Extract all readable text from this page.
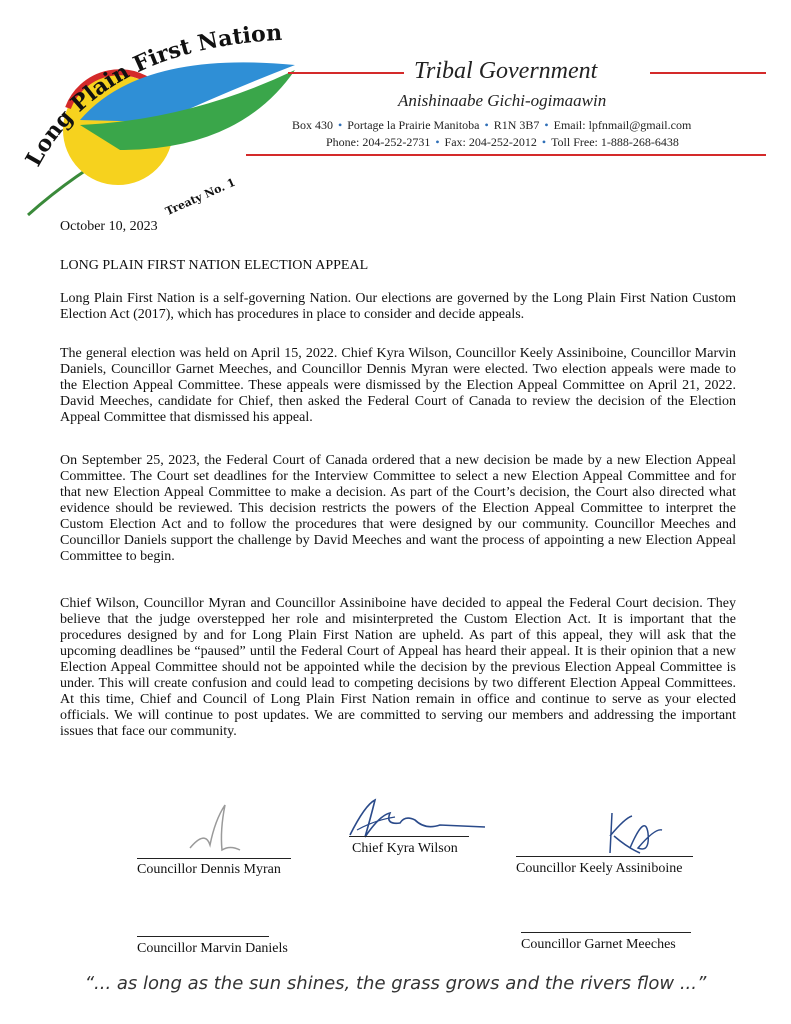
Long Plain First Nation
Treaty No. 1
Tribal Government
Anishinaabe Gichi-ogimaawin
Box 430 • Portage la Prairie Manitoba • R1N 3B7 • Email: lpfnmail@gmail.com
Phone: 204-252-2731 • Fax: 204-252-2012 • Toll Free: 1-888-268-6438
October 10, 2023
LONG PLAIN FIRST NATION ELECTION APPEAL
Long Plain First Nation is a self-governing Nation. Our elections are governed by the Long Plain First Nation Custom Election Act (2017), which has procedures in place to consider and decide appeals.
The general election was held on April 15, 2022. Chief Kyra Wilson, Councillor Keely Assiniboine, Councillor Marvin Daniels, Councillor Garnet Meeches, and Councillor Dennis Myran were elected. Two election appeals were made to the Election Appeal Committee. These appeals were dismissed by the Election Appeal Committee on April 21, 2022. David Meeches, candidate for Chief, then asked the Federal Court of Canada to review the decision of the Election Appeal Committee that dismissed his appeal.
On September 25, 2023, the Federal Court of Canada ordered that a new decision be made by a new Election Appeal Committee. The Court set deadlines for the Interview Committee to select a new Election Appeal Committee and for that new Election Appeal Committee to make a decision. As part of the Court’s decision, the Court also directed what evidence should be reviewed. This decision restricts the powers of the Election Appeal Committee to interpret the Custom Election Act and to follow the procedures that were designed by our community. Councillor Meeches and Councillor Daniels support the challenge by David Meeches and want the process of appointing a new Election Appeal Committee to begin.
Chief Wilson, Councillor Myran and Councillor Assiniboine have decided to appeal the Federal Court decision. They believe that the judge overstepped her role and misinterpreted the Custom Election Act. It is important that the procedures designed by and for Long Plain First Nation are upheld. As part of this appeal, they will ask that the upcoming deadlines be “paused” until the Federal Court of Appeal has heard their appeal. It is their opinion that a new Election Appeal Committee should not be appointed while the decision by the previous Election Appeal Committee is under. This will create confusion and could lead to competing decisions by two different Election Appeal Committees. At this time, Chief and Council of Long Plain First Nation remain in office and continue to serve as your elected officials. We will continue to post updates. We are committed to serving our members and addressing the important issues that face our community.
Councillor Dennis Myran
Chief Kyra Wilson
Councillor Keely Assiniboine
Councillor Marvin Daniels	Councillor Garnet Meeches
“... as long as the sun shines, the grass grows and the rivers flow ...”
